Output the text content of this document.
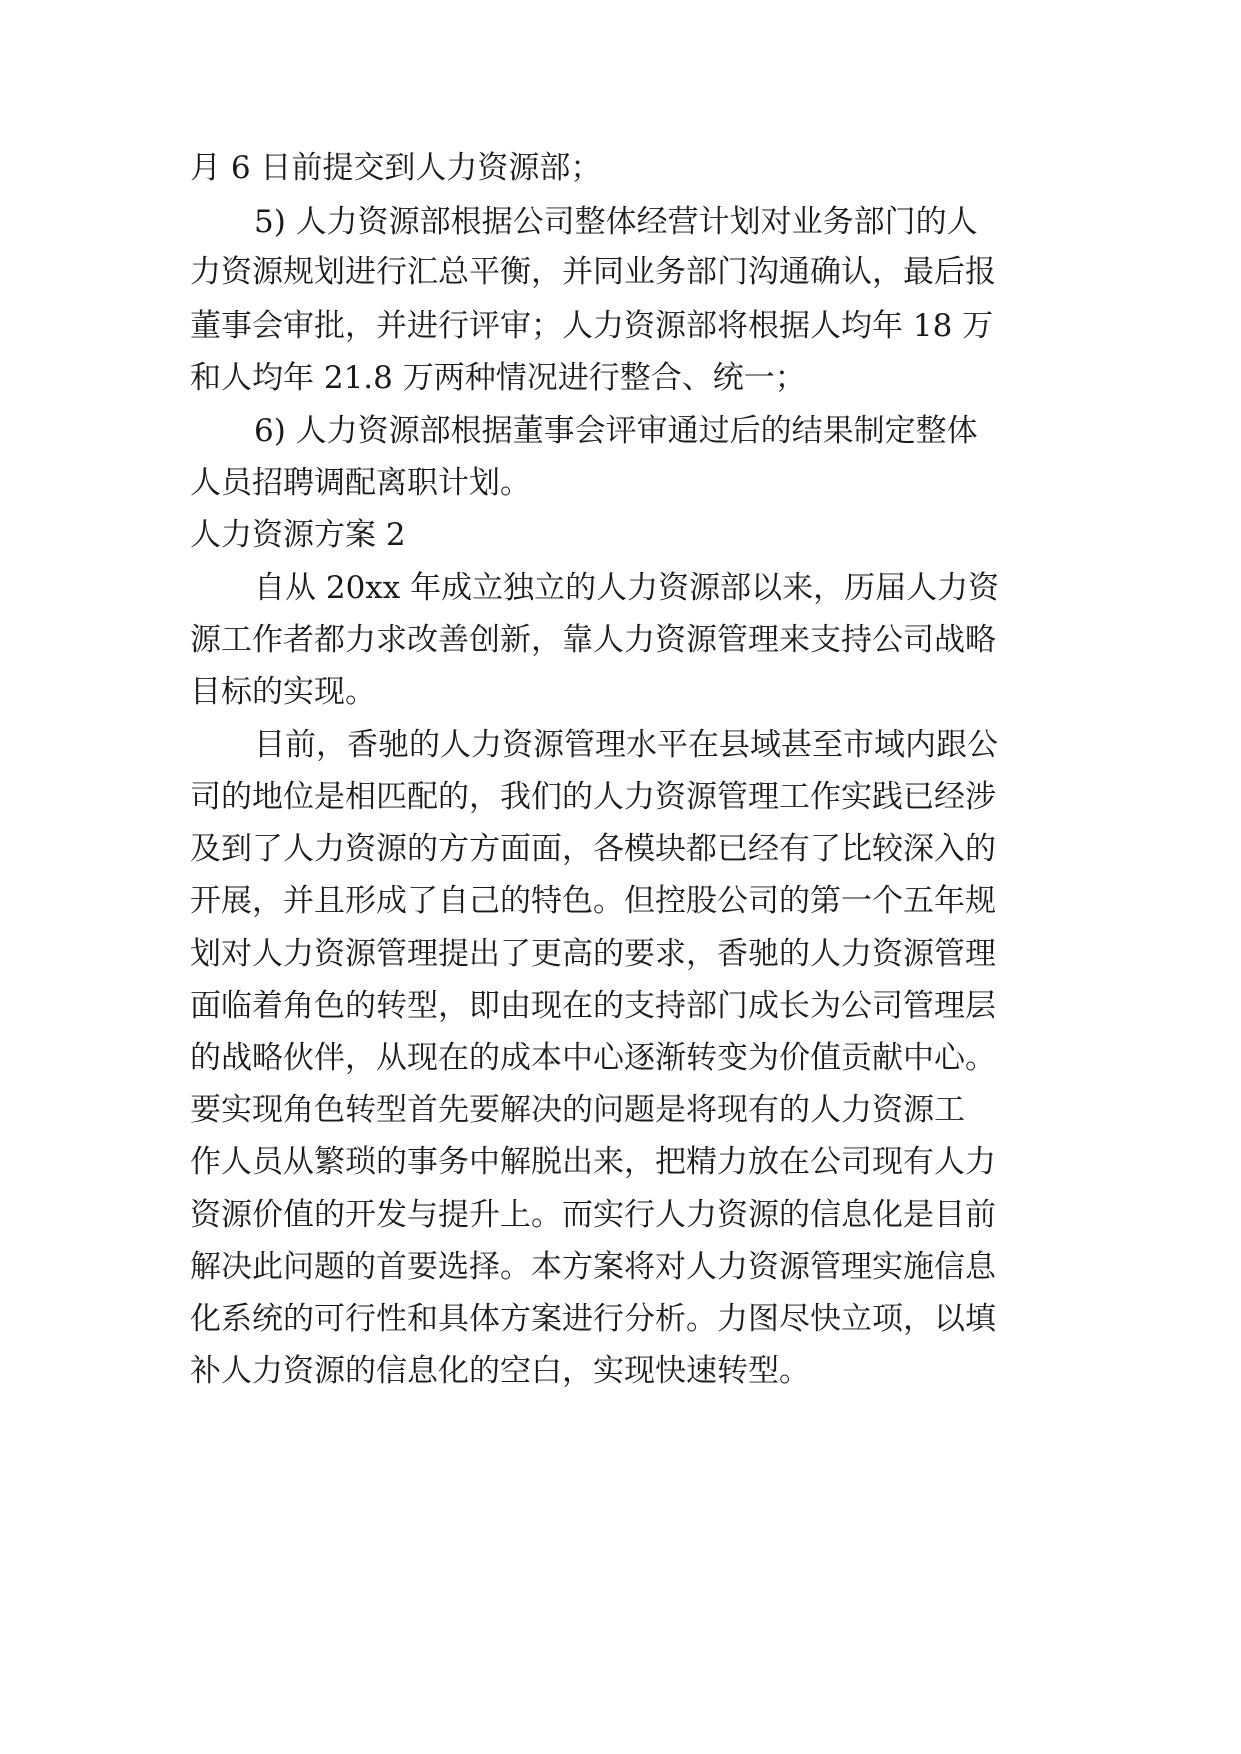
月 6 日前提交到人力资源部；
5) 人力资源部根据公司整体经营计划对业务部门的人
力资源规划进行汇总平衡，并同业务部门沟通确认，最后报
董事会审批，并进行评审；人力资源部将根据人均年 18 万
和人均年 21.8 万两种情况进行整合、统一；
6) 人力资源部根据董事会评审通过后的结果制定整体
人员招聘调配离职计划。
人力资源方案 2
自从 20xx 年成立独立的人力资源部以来，历届人力资
源工作者都力求改善创新，靠人力资源管理来支持公司战略
目标的实现。
目前，香驰的人力资源管理水平在县域甚至市域内跟公
司的地位是相匹配的，我们的人力资源管理工作实践已经涉
及到了人力资源的方方面面，各模块都已经有了比较深入的
开展，并且形成了自己的特色。但控股公司的第一个五年规
划对人力资源管理提出了更高的要求，香驰的人力资源管理
面临着角色的转型，即由现在的支持部门成长为公司管理层
的战略伙伴，从现在的成本中心逐渐转变为价值贡献中心。
要实现角色转型首先要解决的问题是将现有的人力资源工
作人员从繁琐的事务中解脱出来，把精力放在公司现有人力
资源价值的开发与提升上。而实行人力资源的信息化是目前
解决此问题的首要选择。本方案将对人力资源管理实施信息
化系统的可行性和具体方案进行分析。力图尽快立项，以填
补人力资源的信息化的空白，实现快速转型。
